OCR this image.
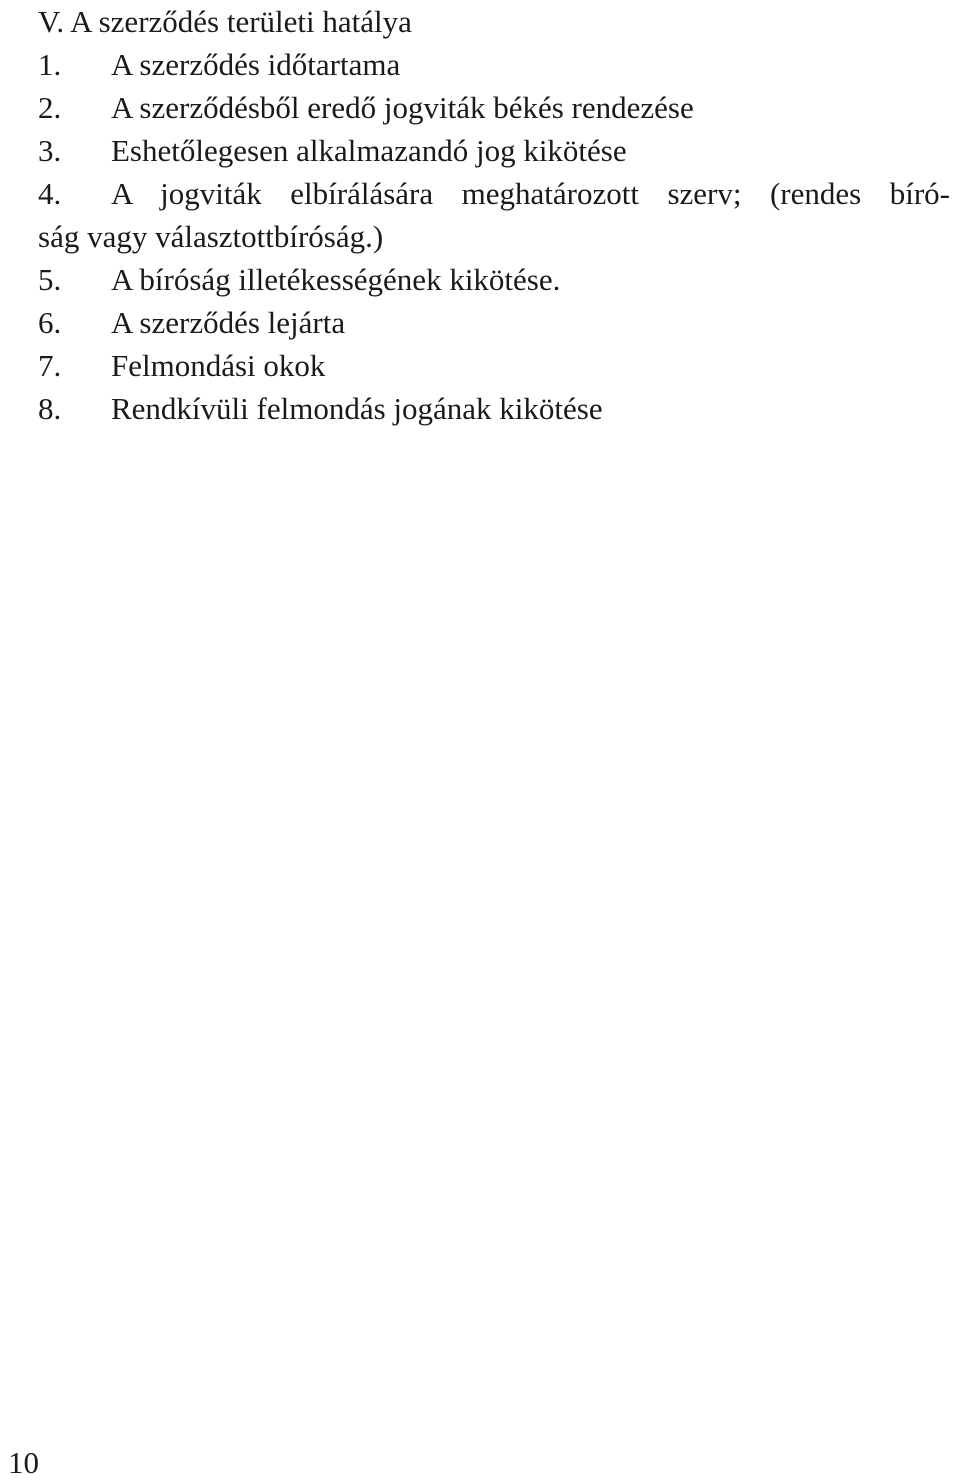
V. A szerződés területi hatálya
1.	A szerződés időtartama
2.	A szerződésből eredő jogviták békés rendezése
3.	Eshetőlegesen alkalmazandó jog kikötése
4.	A jogviták elbírálására meghatározott szerv; (rendes bíró-
ság vagy választottbíróság.)
5.	A bíróság illetékességének kikötése.
6.	A szerződés lejárta
7.	Felmondási okok
8.	Rendkívüli felmondás jogának kikötése
10
